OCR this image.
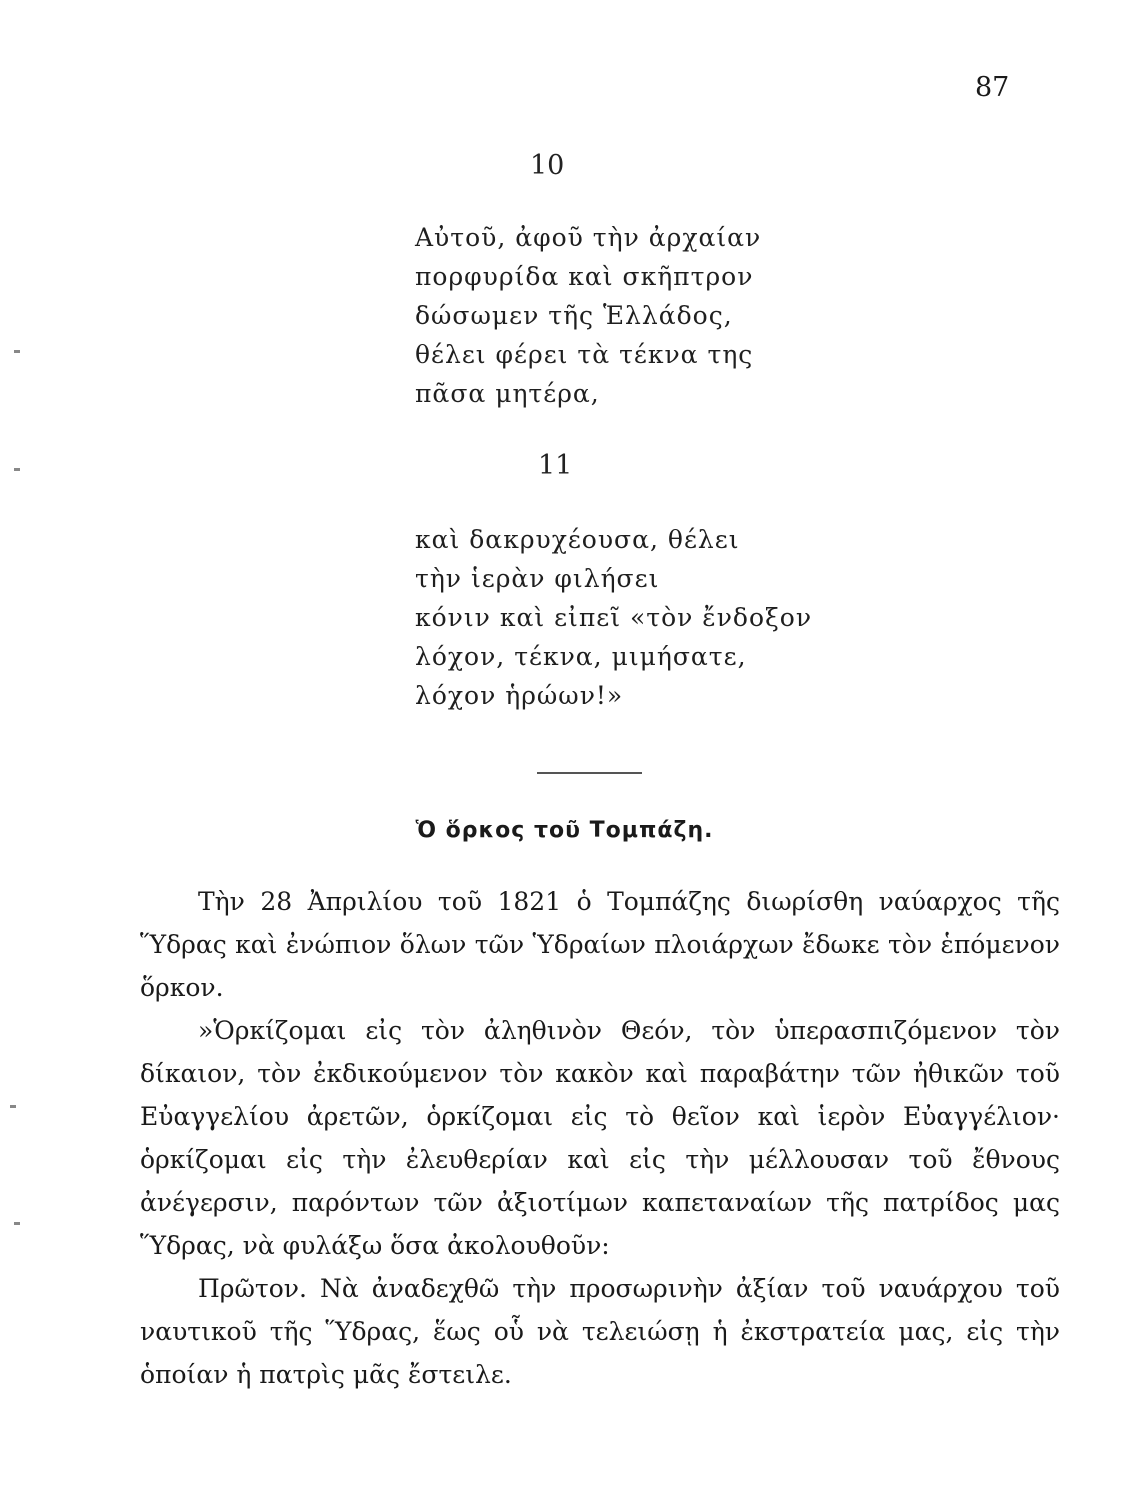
87
10
Αὐτοῦ, ἀφοῦ τὴν ἀρχαίαν
πορφυρίδα καὶ σκῆπτρον
δώσωμεν τῆς Ἑλλάδος,
θέλει φέρει τὰ τέκνα της
πᾶσα μητέρα,
11
καὶ δακρυχέουσα, θέλει
τὴν ἱερὰν φιλήσει
κόνιν καὶ εἰπεῖ «τὸν ἔνδοξον
λόχον, τέκνα, μιμήσατε,
λόχον ἡρώων!»
Ὁ ὅρκος τοῦ Τομπάζη.

Τὴν 28 Ἀπριλίου τοῦ 1821 ὁ Τομπάζης διωρίσθη ναύαρχος τῆς Ὕδρας καὶ ἐνώπιον ὅλων τῶν Ὑδραίων πλοιάρχων ἔδωκε τὸν ἑπόμενον ὅρκον.

»Ὁρκίζομαι εἰς τὸν ἀληθινὸν Θεόν, τὸν ὑπερασπιζόμενον τὸν δίκαιον, τὸν ἐκδικούμενον τὸν κακὸν καὶ παραβάτην τῶν ἠθικῶν τοῦ Εὐαγγελίου ἀρετῶν, ὁρκίζομαι εἰς τὸ θεῖον καὶ ἱερὸν Εὐαγγέλιον· ὁρκίζομαι εἰς τὴν ἐλευθερίαν καὶ εἰς τὴν μέλλουσαν τοῦ ἔθνους ἀνέγερσιν, παρόντων τῶν ἀξιοτίμων καπεταναίων τῆς πατρίδος μας Ὕδρας, νὰ φυλάξω ὅσα ἀκολουθοῦν:

Πρῶτον. Νὰ ἀναδεχθῶ τὴν προσωρινὴν ἀξίαν τοῦ ναυάρχου τοῦ ναυτικοῦ τῆς Ὕδρας, ἕως οὗ νὰ τελειώσῃ ἡ ἐκστρατεία μας, εἰς τὴν ὁποίαν ἡ πατρὶς μᾶς ἔστειλε.
